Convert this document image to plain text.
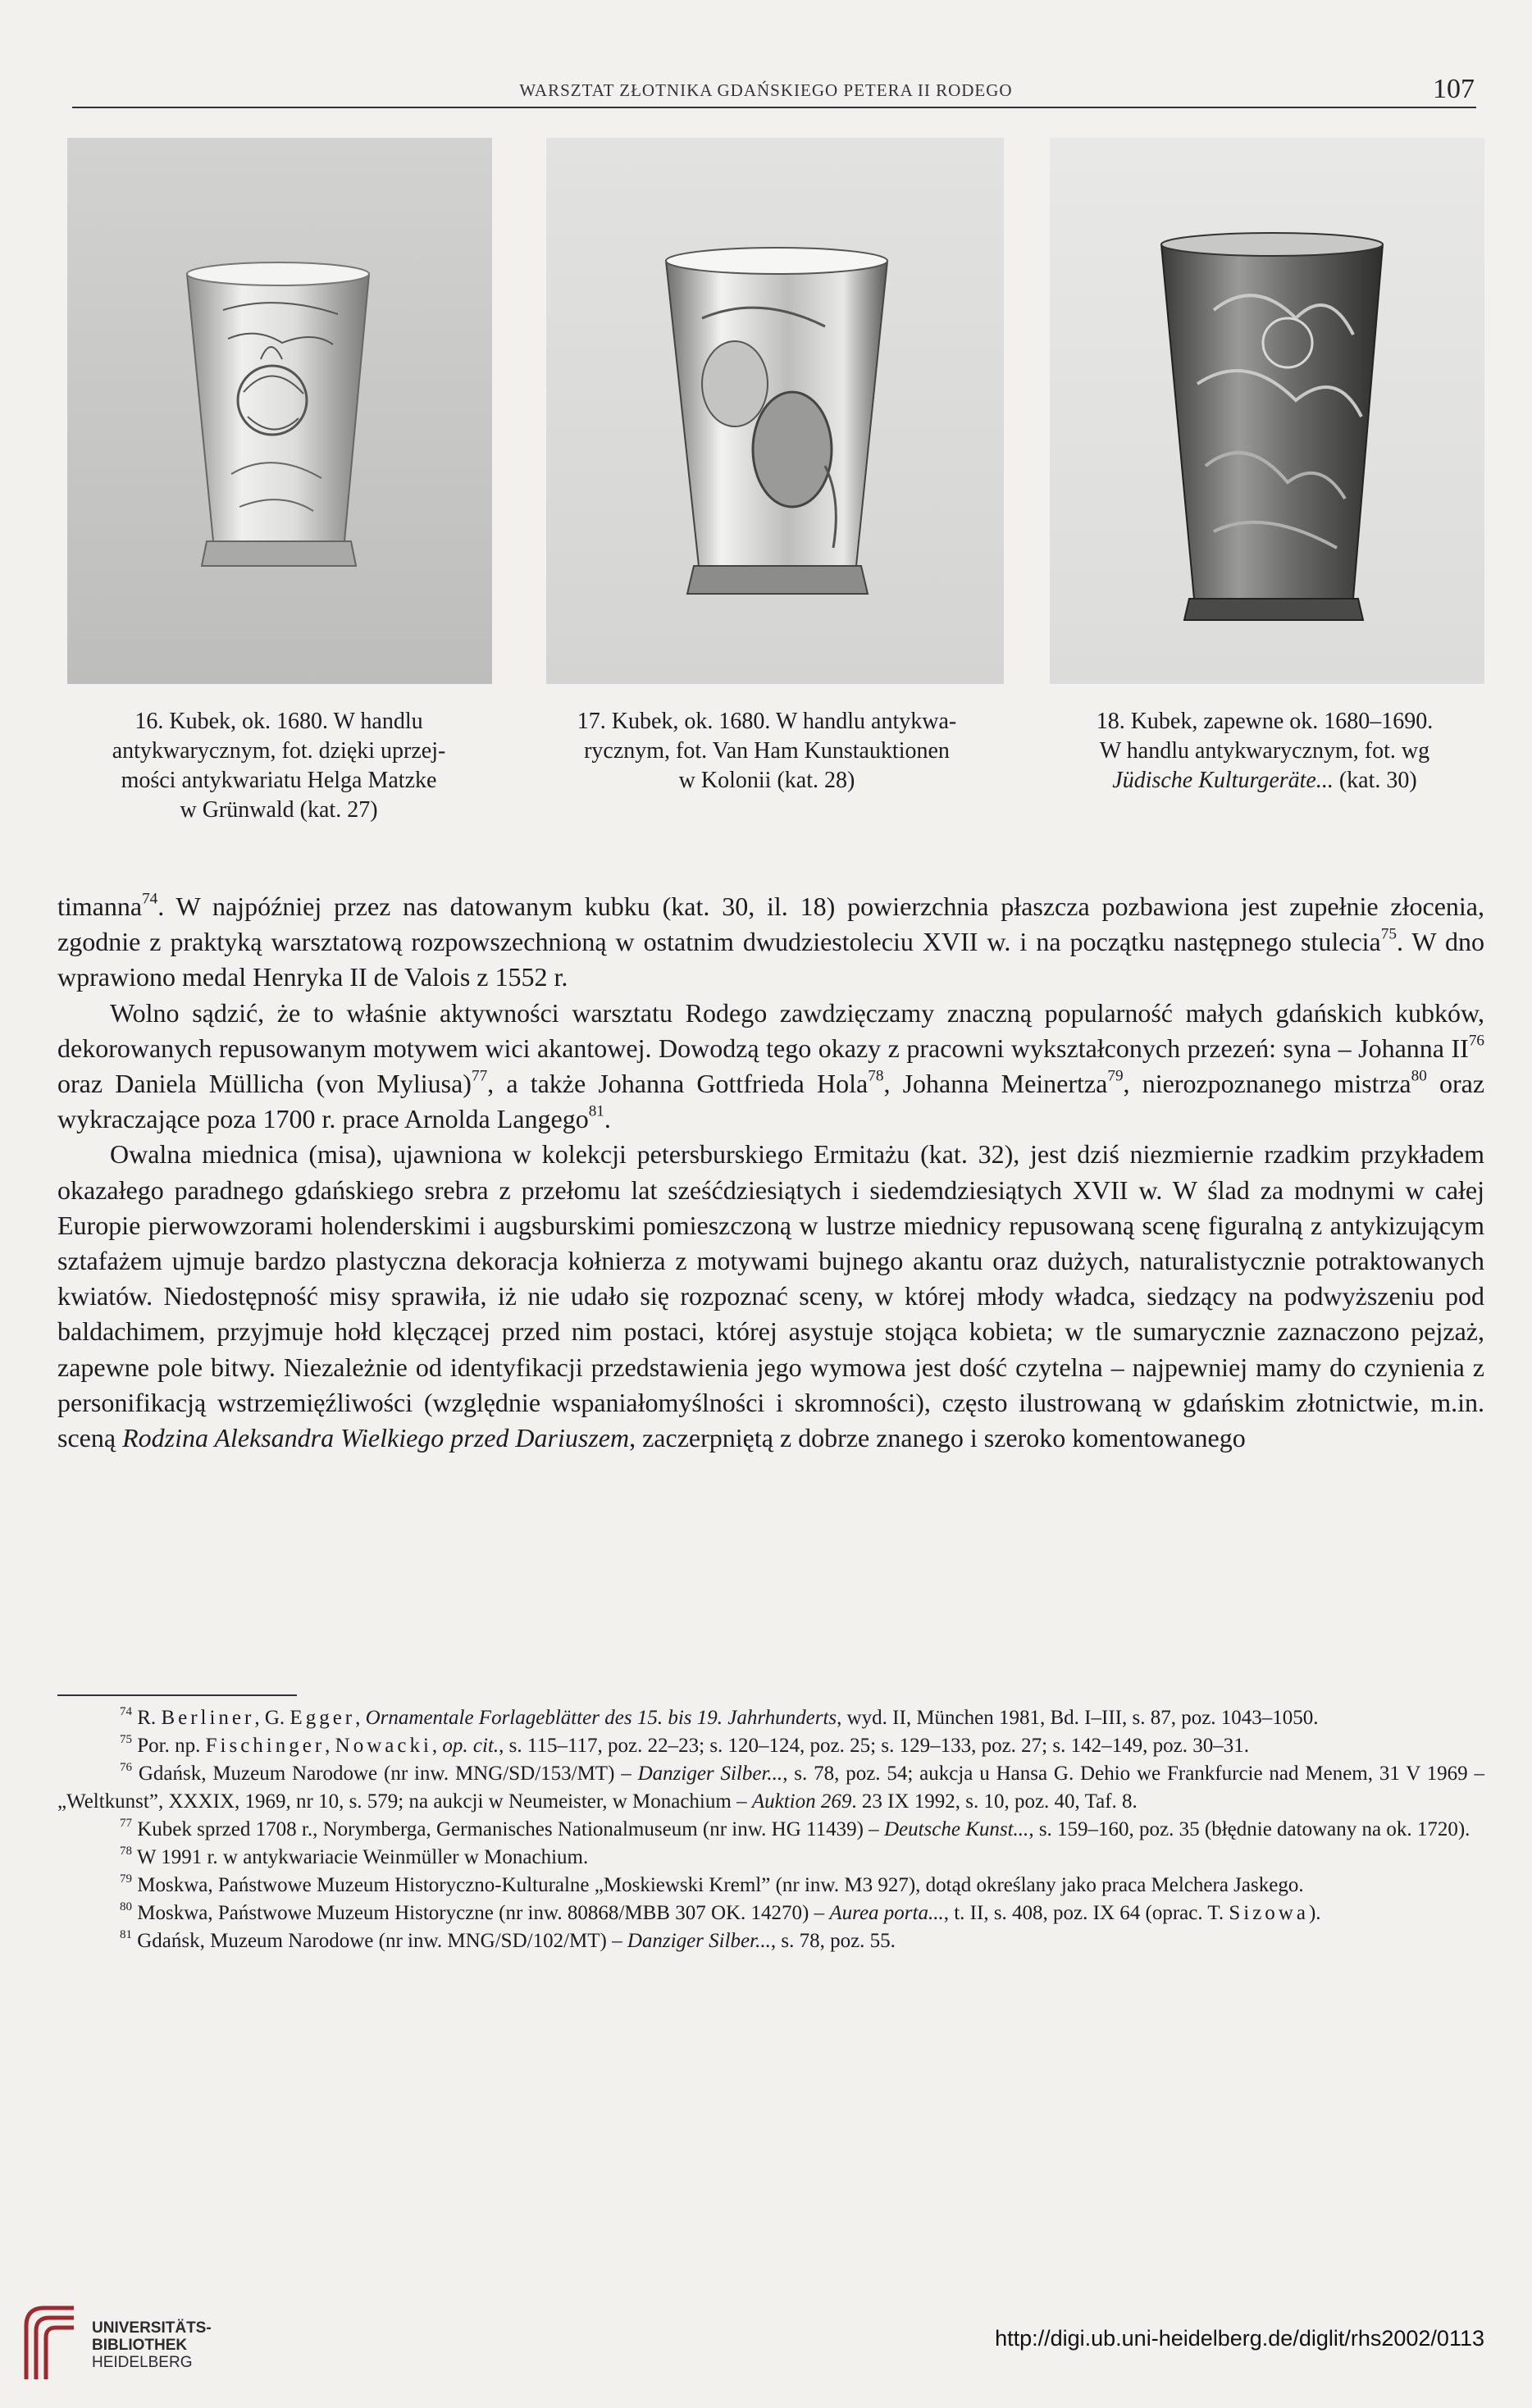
WARSZTAT ZŁOTNIKA GDAŃSKIEGO PETERA II RODEGO	107
16. Kubek, ok. 1680. W handlu
antykwarycznym, fot. dzięki uprzej-
mości antykwariatu Helga Matzke
w Grünwald (kat. 27)
17. Kubek, ok. 1680. W handlu antykwa-
rycznym, fot. Van Ham Kunstauktionen
w Kolonii (kat. 28)
18. Kubek, zapewne ok. 1680–1690.
W handlu antykwarycznym, fot. wg
Jüdische Kulturgeräte... (kat. 30)

timanna$^{74}$. W najpóźniej przez nas datowanym kubku (kat. 30, il. 18) powierzchnia płaszcza pozbawiona jest zupełnie złocenia, zgodnie z praktyką warsztatową rozpowszechnioną w ostatnim dwudziestoleciu XVII w. i na początku następnego stulecia$^{75}$. W dno wprawiono medal Henryka II de Valois z 1552 r.

Wolno sądzić, że to właśnie aktywności warsztatu Rodego zawdzięczamy znaczną popularność małych gdańskich kubków, dekorowanych repusowanym motywem wici akantowej. Dowodzą tego okazy z pracowni wykształconych przezeń: syna – Johanna II$^{76}$ oraz Daniela Müllicha (von Myliusa)$^{77}$, a także Johanna Gottfrieda Hola$^{78}$, Johanna Meinertza$^{79}$, nierozpoznanego mistrza$^{80}$ oraz wykraczające poza 1700 r. prace Arnolda Langego$^{81}$.

Owalna miednica (misa), ujawniona w kolekcji petersburskiego Ermitażu (kat. 32), jest dziś niezmiernie rzadkim przykładem okazałego paradnego gdańskiego srebra z przełomu lat sześćdziesiątych i siedemdziesiątych XVII w. W ślad za modnymi w całej Europie pierwowzorami holenderskimi i augsburskimi pomieszczoną w lustrze miednicy repusowaną scenę figuralną z antykizującym sztafażem ujmuje bardzo plastyczna dekoracja kołnierza z motywami bujnego akantu oraz dużych, naturalistycznie potraktowanych kwiatów. Niedostępność misy sprawiła, iż nie udało się rozpoznać sceny, w której młody władca, siedzący na podwyższeniu pod baldachimem, przyjmuje hołd klęczącej przed nim postaci, której asystuje stojąca kobieta; w tle sumarycznie zaznaczono pejzaż, zapewne pole bitwy. Niezależnie od identyfikacji przedstawienia jego wymowa jest dość czytelna – najpewniej mamy do czynienia z personifikacją wstrzemięźliwości (względnie wspaniałomyślności i skromności), często ilustrowaną w gdańskim złotnictwie, m.in. sceną Rodzina Aleksandra Wielkiego przed Dariuszem, zaczerpniętą z dobrze znanego i szeroko komentowanego

$^{74}$ R. Berliner, G. Egger, Ornamentale Forlageblätter des 15. bis 19. Jahrhunderts, wyd. II, München 1981, Bd. I–III, s. 87, poz. 1043–1050.

$^{75}$ Por. np. Fischinger, Nowacki, op. cit., s. 115–117, poz. 22–23; s. 120–124, poz. 25; s. 129–133, poz. 27; s. 142–149, poz. 30–31.

$^{76}$ Gdańsk, Muzeum Narodowe (nr inw. MNG/SD/153/MT) – Danziger Silber..., s. 78, poz. 54; aukcja u Hansa G. Dehio we Frankfurcie nad Menem, 31 V 1969 – „Weltkunst”, XXXIX, 1969, nr 10, s. 579; na aukcji w Neumeister, w Monachium – Auktion 269. 23 IX 1992, s. 10, poz. 40, Taf. 8.

$^{77}$ Kubek sprzed 1708 r., Norymberga, Germanisches Nationalmuseum (nr inw. HG 11439) – Deutsche Kunst..., s. 159–160, poz. 35 (błędnie datowany na ok. 1720).

$^{78}$ W 1991 r. w antykwariacie Weinmüller w Monachium.

$^{79}$ Moskwa, Państwowe Muzeum Historyczno-Kulturalne „Moskiewski Kreml” (nr inw. M3 927), dotąd określany jako praca Melchera Jaskego.

$^{80}$ Moskwa, Państwowe Muzeum Historyczne (nr inw. 80868/MBB 307 OK. 14270) – Aurea porta..., t. II, s. 408, poz. IX 64 (oprac. T. Sizowa).

$^{81}$ Gdańsk, Muzeum Narodowe (nr inw. MNG/SD/102/MT) – Danziger Silber..., s. 78, poz. 55.

UNIVERSITÄTS-
BIBLIOTHEK
HEIDELBERG
http://digi.ub.uni-heidelberg.de/diglit/rhs2002/0113
